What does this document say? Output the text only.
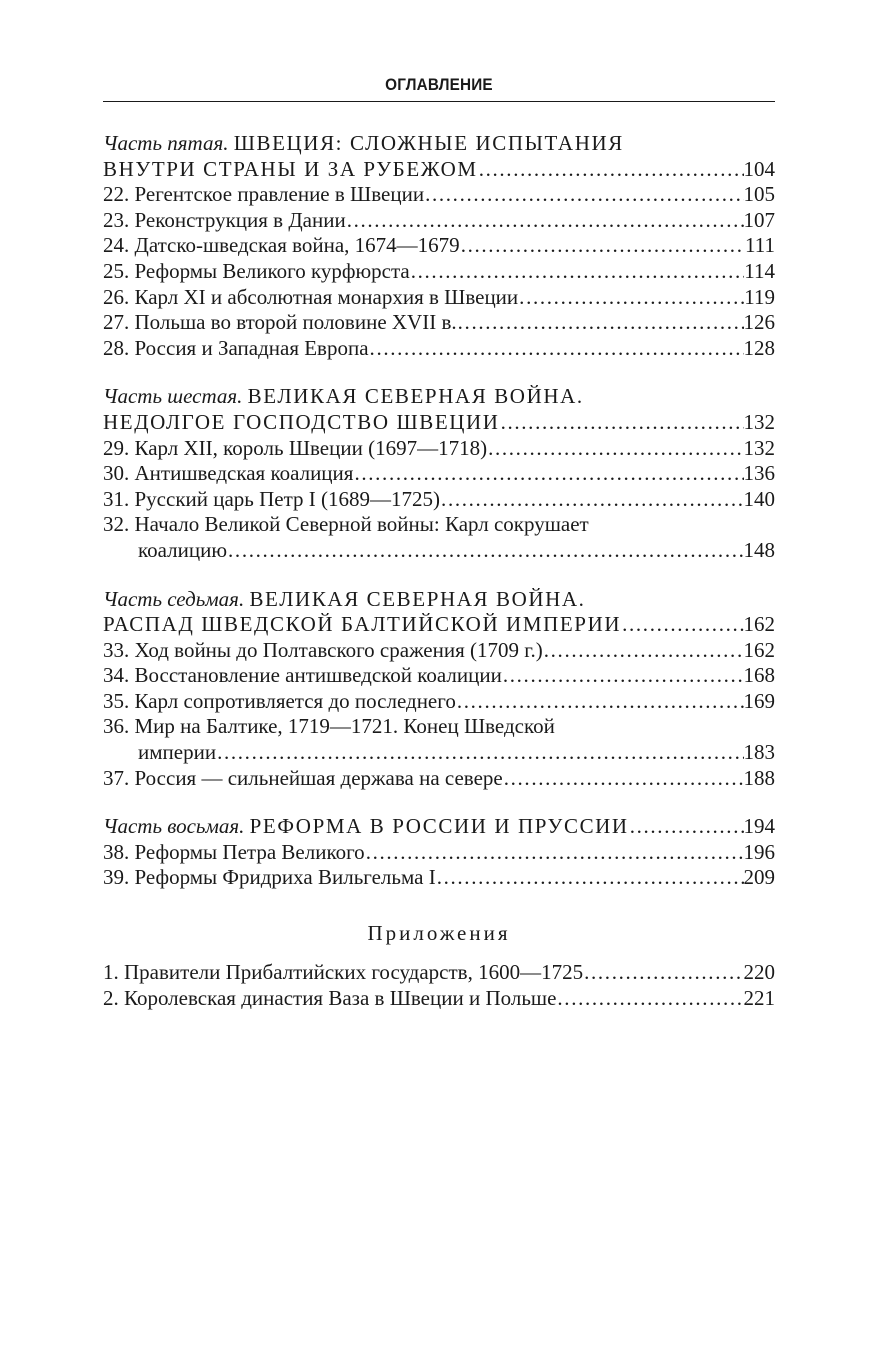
ОГЛАВЛЕНИЕ
Часть пятая. ШВЕЦИЯ: СЛОЖНЫЕ ИСПЫТАНИЯ
ВНУТРИ СТРАНЫ И ЗА РУБЕЖОМ . . .	104
22. Регентское правление в Швеции . . .	105
23. Реконструкция в Дании . . .	107
24. Датско-шведская война, 1674—1679 . . .	111
25. Реформы Великого курфюрста . . .	114
26. Карл XI и абсолютная монархия в Швеции . . .	119
27. Польша во второй половине XVII в. . . .	126
28. Россия и Западная Европа . . .	128
Часть шестая. ВЕЛИКАЯ СЕВЕРНАЯ ВОЙНА.
НЕДОЛГОЕ ГОСПОДСТВО ШВЕЦИИ . . .	132
29. Карл XII, король Швеции (1697—1718) . . .	132
30. Антишведская коалиция . . .	136
31. Русский царь Петр I (1689—1725) . . .	140
32. Начало Великой Северной войны: Карл сокрушает
коалицию . . .	148
Часть седьмая. ВЕЛИКАЯ СЕВЕРНАЯ ВОЙНА.
РАСПАД ШВЕДСКОЙ БАЛТИЙСКОЙ ИМПЕРИИ . . .	162
33. Ход войны до Полтавского сражения (1709 г.) . . .	162
34. Восстановление антишведской коалиции . . .	168
35. Карл сопротивляется до последнего . . .	169
36. Мир на Балтике, 1719—1721. Конец Шведской
империи . . .	183
37. Россия — сильнейшая держава на севере . . .	188
Часть восьмая. РЕФОРМА В РОССИИ И ПРУССИИ . . .	194
38. Реформы Петра Великого . . .	196
39. Реформы Фридриха Вильгельма I . . .	209
Приложения
1. Правители Прибалтийских государств, 1600—1725 . . .	220
2. Королевская династия Ваза в Швеции и Польше . . .	221
